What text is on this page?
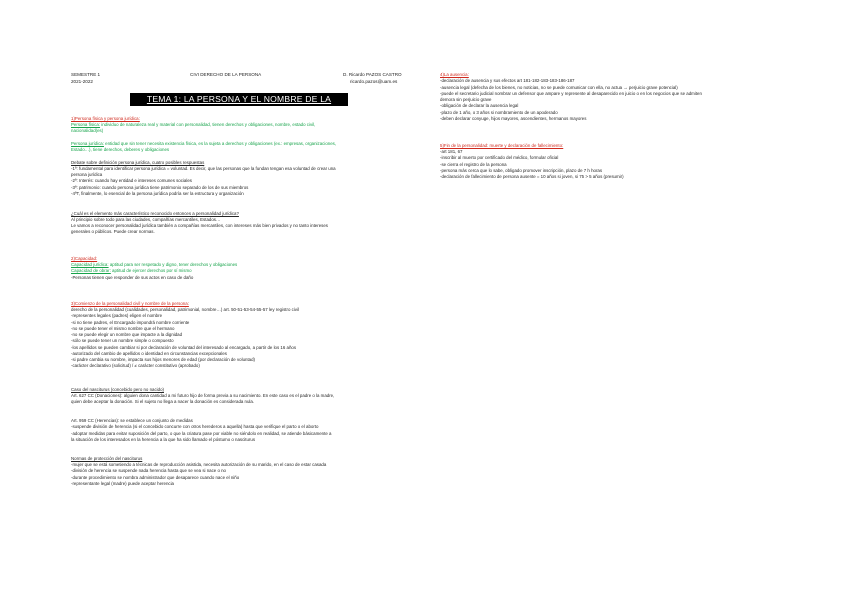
SEMESTRE 1
2021-2022
CIVI DERECHO DE LA PERSONA	D. Ricardo PAZOS CASTRO
ricardo.pazos@uam.es
TEMA 1: LA PERSONA Y EL NOMBRE DE LA PERSONA
1)Persona física y persona jurídica:
Persona física: individuo de naturaleza real y material con personalidad, tienen derechos y obligaciones, nombre, estado civil,
nacionalidad(es)
Persona jurídica: entidad que sin tener necesita existencia física, es la sujeta a derechos y obligaciones (ex.: empresas, organizaciones,
Estado…), tiene derechos, deberes y obligaciones
Debate sobre definición persona jurídica, cuatro posibles respuestas
-1ª: fundamental para identificar persona jurídica = voluntad. Es decir, que las personas que la fundan tengan esa voluntad de crear una
persona jurídica
-2ª: Interés: cuando hay entidad e intereses comunes sociales
-3ª: patrimonio: cuando persona jurídica tiene patrimonio separado de los de sus miembros
-4ªT, finalmente, lo esencial de la persona jurídica podría ser la estructura y organización
¿Cuál es el elemento más característico reconocido entonces a personalidad jurídica?
Al principio sobre todo para las ciudades, compañías mercantiles, Estados…
Le vamos a reconocer personalidad jurídica también a compañías mercantiles, con intereses más bien privados y no tanto intereses
generales o públicos. Puede crear normas.
2)Capacidad:
Capacidad jurídica: aptitud para ser respetado y digno, tener derechos y obligaciones
Capacidad de obrar: aptitud de ejercer derechos por sí mismo
-Personas tienen que responder de sus actos en caso de daño
3)Comienzo de la personalidad civil y nombre de la persona:
derecho de la personalidad (cualidades, personalidad, patrimonial, nombre…) art. 50-51-53-54-55-57 ley registro civil
-representes legales (padres) eligen el nombre
-si no tiene padres, el Encargado impondrá nombre corriente
-no se puede tener el mismo nombre que el hermano
-no se puede elegir un nombre que impacte a la dignidad
-sólo se puede tener un nombre simple o compuesto
-los apellidos se pueden cambiar si por declaración de voluntad del interesado al encargado, a partir de los 16 años
-autorizado del cambio de apellidos o identidad en circunstancias excepcionales
-si padre cambia su nombre, impacta sus hijos menores de edad (por declaración de voluntad)
-carácter declarativo (solicitud) / ≠ carácter constitutivo (aprobado)
Caso del nasciturus (concebido pero no nacido)
Art. 627 CC (Donaciones): alguien dona cantidad a mi futuro hijo de forma previa a su nacimiento. En este caso es el padre o la madre,
quien debe aceptar la donación. Si el sujeto no llega a nacer la donación es considerada nula.
Art. 959 CC (Herencias): se establece un conjunto de medidas
-suspende división de herencia (si el concebido concurre con otros herederos a aquella) hasta que verifique el parto o el aborto
-adoptar medidas para evitar suposición del parto, o que la criatura pase por viable no siéndolo en realidad, se atiende básicamente a
la situación de los interesados en la herencia a la que ha sido llamado el póstumo o nasciturus
Normas de protección del nasciturus
-mujer que se está sometiendo a técnicas de reproducción asistida, necesita autorización de su marido, en el caso de estar casada
-división de herencia se suspende nada herencia hasta que se vea si nace o no
-durante procedimiento se nombra administrador que desaparece cuando nace el niño
-representante legal (madre) puede aceptar herencia
4)La ausencia:
-declaración de ausencia y sus efectos art 181-182-183-183-186-187
-ausencia legal (defecha de los bienes, no noticias, no se puede comunicar con ella, no actua → perjuicio grave potencial)
-puede el secretario judicial nombrar un defensor que ampare y represente al desaparecido en juicio o en los negocios que se admiten
demora sin perjuicio grave
-obligación de declarar la ausencia legal
-plazo de 1 año, o 3 años si nombramiento de un apoderado
-deben declarar conyuge, hijos mayores, ascendientes, hermanos mayores
5)Fin de la personalidad: muerte y declaración de fallecimiento:
-art 181, 67
-inscribir al muerto por certificado del médico, formular oficial
-se cierra el registro de la persona
-persona más cerca que lo sabe, obligado promover inscripción, plazo de 7 h horas
-declaración de fallecimiento de persona ausente = 10 años si joven, si 75 > 5 años (presumir)
